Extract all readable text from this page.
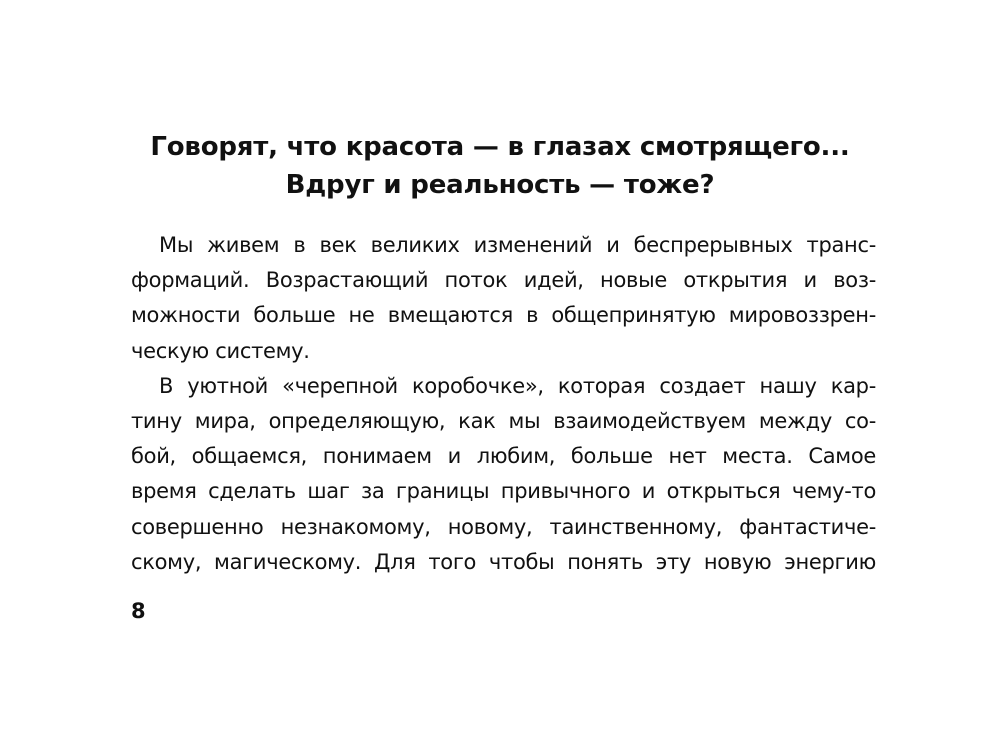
Говорят, что красота — в глазах смотрящего...
Вдруг и реальность — тоже?
Мы живем в век великих изменений и беспрерывных транс-
формаций. Возрастающий поток идей, новые открытия и воз-
можности больше не вмещаются в общепринятую мировоззрен-
ческую систему.
В уютной «черепной коробочке», которая создает нашу кар-
тину мира, определяющую, как мы взаимодействуем между со-
бой, общаемся, понимаем и любим, больше нет места. Самое
время сделать шаг за границы привычного и открыться чему-то
совершенно незнакомому, новому, таинственному, фантастиче-
скому, магическому. Для того чтобы понять эту новую энергию
8
